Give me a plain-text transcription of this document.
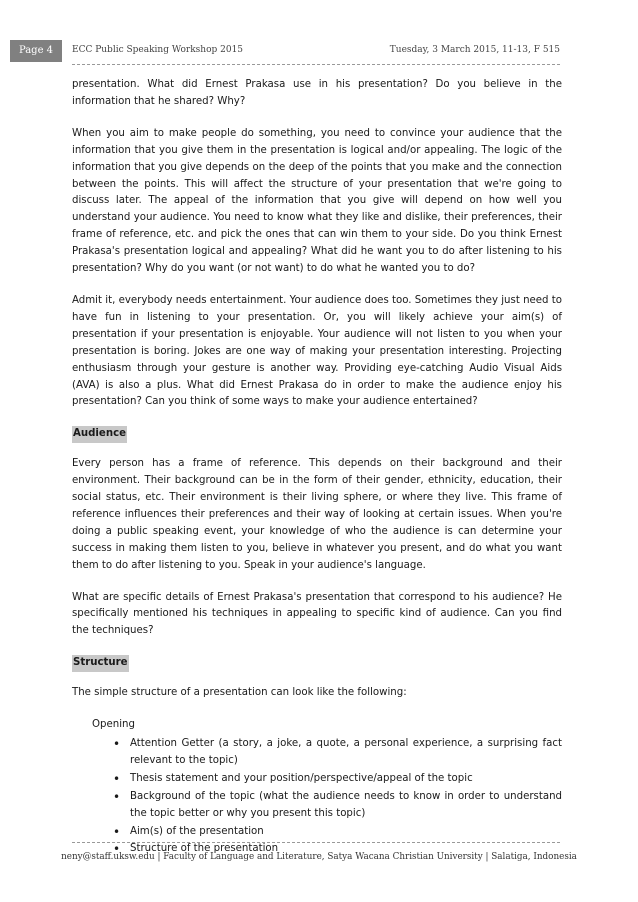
Page 4	ECC Public Speaking Workshop 2015	Tuesday, 3 March 2015, 11-13, F 515

presentation. What did Ernest Prakasa use in his presentation? Do you believe in the information that he shared? Why?

When you aim to make people do something, you need to convince your audience that the information that you give them in the presentation is logical and/or appealing. The logic of the information that you give depends on the deep of the points that you make and the connection between the points. This will affect the structure of your presentation that we're going to discuss later. The appeal of the information that you give will depend on how well you understand your audience. You need to know what they like and dislike, their preferences, their frame of reference, etc. and pick the ones that can win them to your side. Do you think Ernest Prakasa's presentation logical and appealing? What did he want you to do after listening to his presentation? Why do you want (or not want) to do what he wanted you to do?

Admit it, everybody needs entertainment. Your audience does too. Sometimes they just need to have fun in listening to your presentation. Or, you will likely achieve your aim(s) of presentation if your presentation is enjoyable. Your audience will not listen to you when your presentation is boring. Jokes are one way of making your presentation interesting. Projecting enthusiasm through your gesture is another way. Providing eye-catching Audio Visual Aids (AVA) is also a plus. What did Ernest Prakasa do in order to make the audience enjoy his presentation? Can you think of some ways to make your audience entertained?

Audience

Every person has a frame of reference. This depends on their background and their environment. Their background can be in the form of their gender, ethnicity, education, their social status, etc. Their environment is their living sphere, or where they live. This frame of reference influences their preferences and their way of looking at certain issues. When you're doing a public speaking event, your knowledge of who the audience is can determine your success in making them listen to you, believe in whatever you present, and do what you want them to do after listening to you. Speak in your audience's language.

What are specific details of Ernest Prakasa's presentation that correspond to his audience? He specifically mentioned his techniques in appealing to specific kind of audience. Can you find the techniques?

Structure

The simple structure of a presentation can look like the following:

Opening
• Attention Getter (a story, a joke, a quote, a personal experience, a surprising fact relevant to the topic)
• Thesis statement and your position/perspective/appeal of the topic
• Background of the topic (what the audience needs to know in order to understand the topic better or why you present this topic)
• Aim(s) of the presentation
• Structure of the presentation
neny@staff.uksw.edu | Faculty of Language and Literature, Satya Wacana Christian University | Salatiga, Indonesia
